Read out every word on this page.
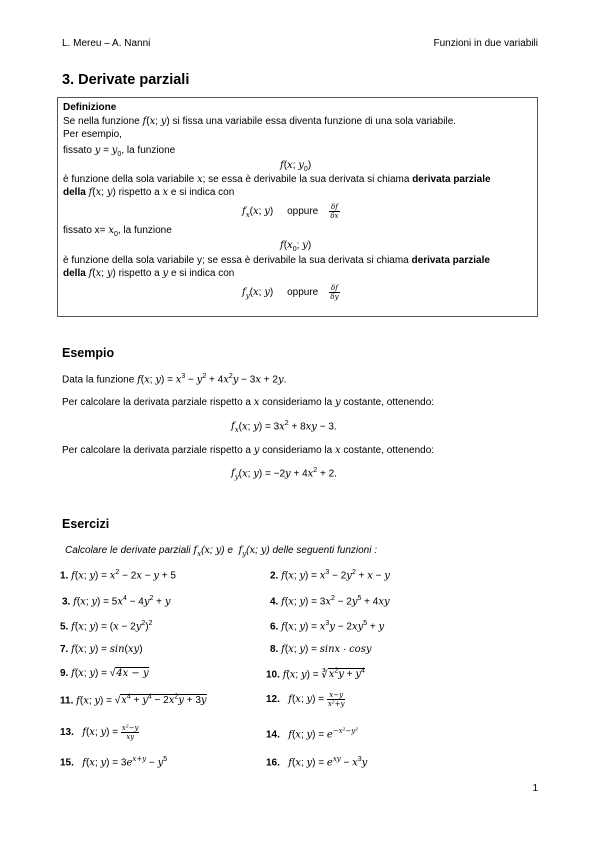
L. Mereu – A. Nanni	Funzioni in due variabili
3. Derivate parziali
Definizione
Se nella funzione f(x; y) si fissa una variabile essa diventa funzione di una sola variabile.
Per esempio,
fissato $y = y_0$, la funzione
f(x; $y_0$)
è funzione della sola variabile x; se essa è derivabile la sua derivata si chiama derivata parziale
della f(x; y) rispetto a x e si indica con
$f_x(x$; y)     oppure $\frac{\delta f}{\delta x}$
fissato $x= x_0$, la funzione
$f(x_0$; y)
è funzione della sola variabile y; se essa è derivabile la sua derivata si chiama derivata parziale
della f(x; y) rispetto a y e si indica con
$f_y(x$; y)     oppure $\frac{\delta f}{\delta y}$
Esempio
Data la funzione f(x; $y) = x^3 - y^2 + 4x^2y - 3x + 2y$.
Per calcolare la derivata parziale rispetto a x consideriamo la y costante, ottenendo:
$f_x(x$; $y) = 3x^2 + 8xy - 3$.
Per calcolare la derivata parziale rispetto a y consideriamo la x costante, ottenendo:
$f_y(x$; $y) = -2y + 4x^2 + 2$.
Esercizi
Calcolare le derivate parziali $f_x(x$; y) e  $f_y(x$; y) delle seguenti funzioni :
1. f(x; $y) = x^2 - 2x - y + 5$	2. f(x; $y) = x^3 - 2y^2 + x - y$
3. f(x; $y) = 5x^4 - 4y^2 + y$	4. f(x; $y) = 3x^2 - 2y^5 + 4xy$
5. f(x; $y) = (x - 2y^2)^2$	6. f(x; $y) = x^3y - 2xy^5 + y$
7. f(x; y) = sin(xy)	8. f(x; y) = sinx · cosy
9. f(x; y) = √4x − y	10. f(x; $y) = ∛x^2y + y^4$
11. f(x; $y) = √x^4 + y^4 - 2x^2y + 3y$	12. f(x; $y) = \frac{x-y}{\text{x²+y}}$
13. f(x; $y) = \frac{\text{x²−y}}{xy}$	14. f(x; $y) = e^{-x^2-y^2}$
15. f(x; $y) = 3e^{x+y} - y^5$	16. f(x; $y) = e^{xy} - x^3y$
1
